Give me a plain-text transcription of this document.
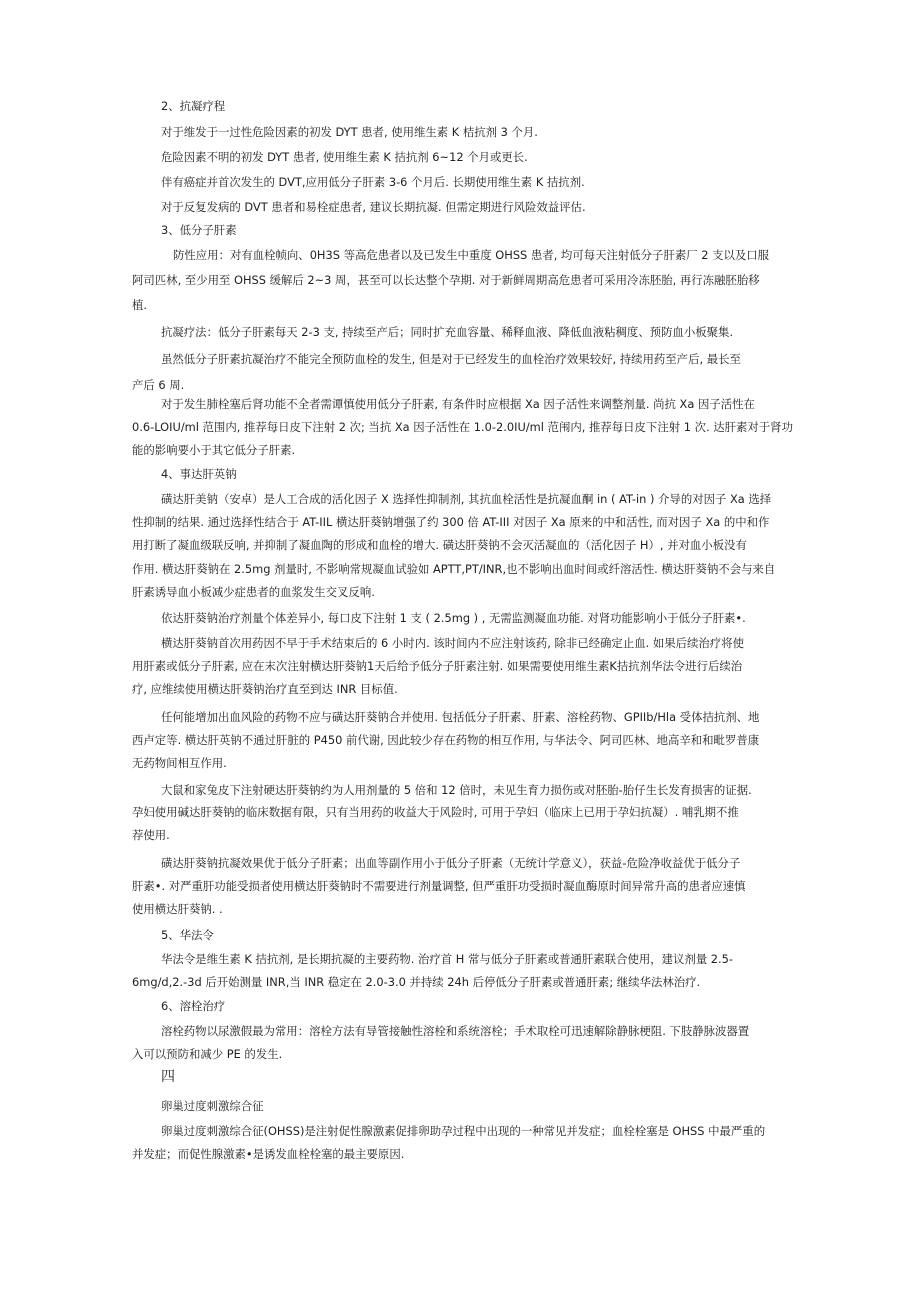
2、抗凝疗程
对于维发于一过性危险因素的初发 DYT 患者, 使用维生素 K 桔抗剂 3 个月.
危险因素不明的初发 DYT 患者, 使用维生素 K 拮抗剂 6~12 个月或更长.
伴有癌症并首次发生的 DVT,应用低分子肝素 3-6 个月后. 长期使用维生素 K 拮抗剂.
对于反复发病的 DVT 患者和易栓症患者, 建议长期抗凝. 但需定期进行风险效益评估.
3、低分子肝素
防性应用：对有血栓帧向、0H3S 等高危患者以及已发生中重度 OHSS 患者, 均可每天注射低分子肝素厂 2 支以及口服
阿司匹林, 至少用至 OHSS 缓解后 2~3 周，甚至可以长达整个孕期. 对于新鲜周期高危患者可采用冷冻胚胎, 再行冻融胚胎移
植.
抗凝疗法：低分子肝素每天 2-3 支, 持续至产后；同时扩充血容量、稀释血液、降低血液粘稠度、预防血小板聚集.
虽然低分子肝素抗凝治疗不能完全预防血栓的发生, 但是对于已经发生的血栓治疗效果较好, 持续用药至产后, 最长至
产后 6 周.
对于发生肺栓塞后肾功能不全者需谭慎使用低分子肝素, 有条件时应根据 Xa 因子活性来调整剂量. 尚抗 Xa 因子活性在
0.6-LOIU/ml 范围内, 推荐每日皮下注射 2 次; 当抗 Xa 因子活性在 1.0-2.0IU/ml 范闱内, 推荐每日皮下注射 1 次. 达肝素对于肾功
能的影响要小于其它低分子肝素.
4、事达肝英钠
磺达肝美钠（安卓）是人工合成的活化因子 X 选择性抑制剂, 其抗血栓活性是抗凝血酮 in ( AT-in ) 介导的对因子 Xa 选择
性抑制的结果. 通过选择性结合于 AT-IIL 横达肝葵钠增强了约 300 倍 AT-III 对因子 Xa 原来的中和活性, 而对因子 Xa 的中和作
用打断了凝血级联反响, 并抑制了凝血陶的形成和血栓的增大. 磺达肝葵钠不会灭活凝血的（活化因子 H）, 并对血小板没有
作用. 横达肝葵钠在 2.5mg 剂量时, 不影响常规凝血试验如 APTT,PT/INR,也不影响出血时间或纤溶活性. 横达肝葵钠不会与来自
肝素诱导血小板减少症患者的血浆发生交叉反响.
依达肝葵钠治疗剂量个体差异小, 每口皮下注射 1 支 ( 2.5mg ) , 无需监测凝血功能. 对肾功能影响小于低分子肝素•.
横达肝葵钠首次用药因不早于手术结束后的 6 小时内. 该时间内不应注射该药, 除非已经确定止血. 如果后续治疗将使
用肝素或低分子肝素, 应在末次注射横达肝葵钠1天后给予低分子肝素注射. 如果需要使用维生素K拮抗剂华法令进行后续治
疗, 应维续使用横达肝葵钠治疗直至到达 INR 目标值.
任何能增加出血风险的药物不应与磺达肝葵钠合并使用. 包括低分子肝素、肝素、溶栓药物、GPIIb/Hla 受体拮抗剂、地
西卢定等. 横达肝英钠不通过肝脏的 P450 前代谢, 因此较少存在药物的相互作用, 与华法令、阿司匹林、地高辛和和毗罗普康
无药物间相互作用.
大鼠和家兔皮下注射硬达肝葵钠约为人用剂量的 5 倍和 12 倍时，未见生育力损伤或对胚胎-胎仔生长发育损害的证据.
孕妇使用碱达肝葵钠的临床数据有限，只有当用药的收益大于风险时, 可用于孕妇（临床上已用于孕妇抗凝）. 哺乳期不推
荐使用.
磺达肝葵钠抗凝效果优于低分子肝素；出血等副作用小于低分子肝素（无统计学意义），获益-危险净收益优于低分子
肝素•. 对严重肝功能受损者使用横达肝葵钠时不需要进行剂量调整, 但严重肝功受损时凝血酶原时间异常升高的患者应速慎
使用横达肝葵钠. .
5、华法令
华法令是维生素 K 拮抗剂, 是长期抗凝的主要药物. 治疗首 H 常与低分子肝素或普通肝素联合使用，建议剂量 2.5-
6mg/d,2.-3d 后开始测量 INR,当 INR 稳定在 2.0-3.0 并持续 24h 后停低分子肝素或普通肝素; 继续华法林治疗.
6、溶栓治疗
溶栓药物以尿激假最为常用：溶栓方法有导管接触性溶栓和系统溶栓；手术取栓可迅速解除静脉梗阻. 下肢静脉波器置
入可以预防和减少 PE 的发生.
四
卵巢过度刺激综合征
卵巢过度刺激综合征(OHSS)是注射促性腺激素促排卵助孕过程中出现的一种常见并发症；血栓栓塞是 OHSS 中最严重的
并发症；而促性腺激素•是诱发血栓栓塞的最主要原因.
